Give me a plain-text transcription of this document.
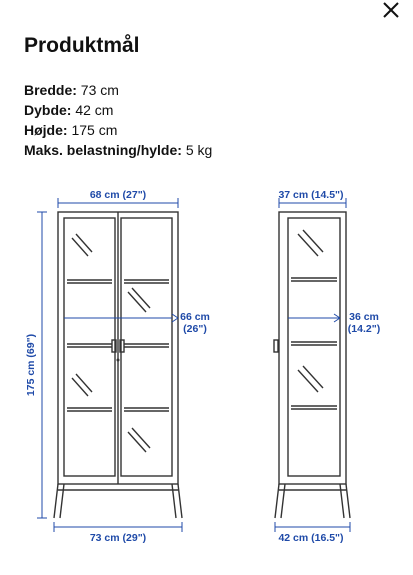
Produktmål
Bredde: 73 cm
Dybde: 42 cm
Højde: 175 cm
Maks. belastning/hylde: 5 kg
68 cm (27")
66 cm
(26")
175 cm (69")
73 cm (29")
37 cm (14.5")
36 cm
(14.2")
42 cm (16.5")
